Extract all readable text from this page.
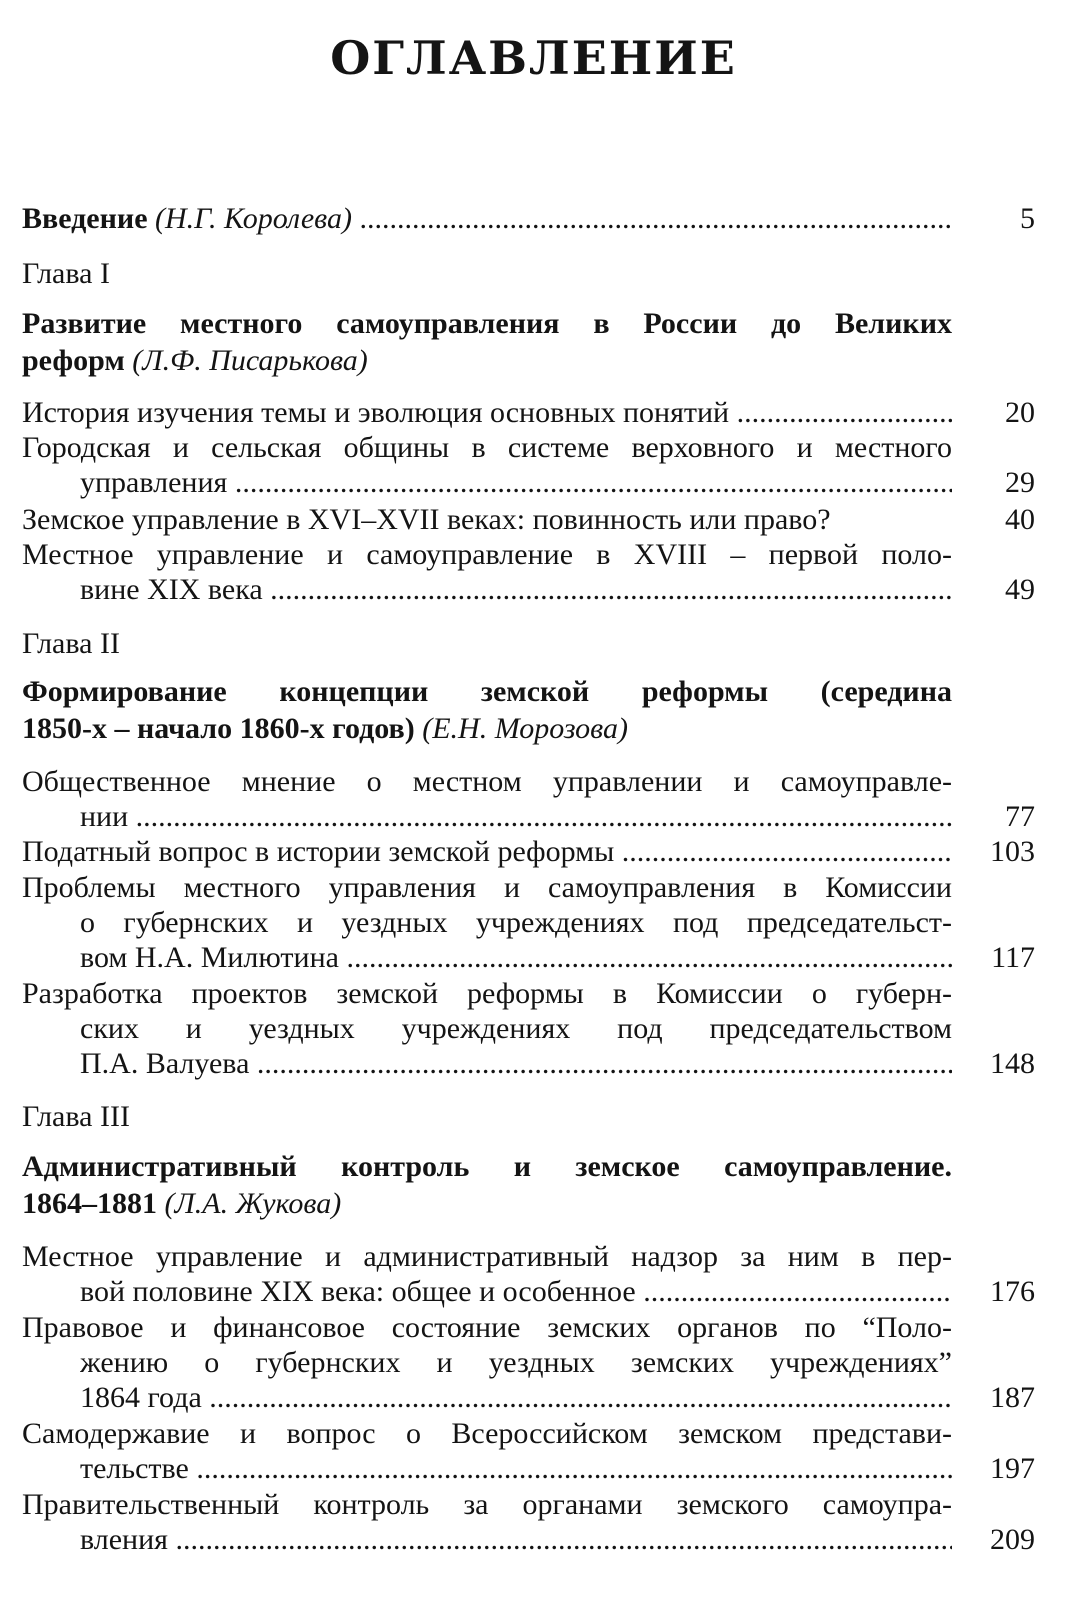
ОГЛАВЛЕНИЕ
Введение (Н.Г. Королева) .....	5
Глава I
Развитие местного самоуправления в России до Великих
реформ (Л.Ф. Писарькова)
История изучения темы и эволюция основных понятий .....	20
Городская и сельская общины в системе верховного и местного
управления .....	29
Земское управление в XVI–XVII веках: повинность или право?	40
Местное управление и самоуправление в XVIII – первой поло-
вине XIX века .....	49
Глава II
Формирование концепции земской реформы (середина
1850-х – начало 1860-х годов) (Е.Н. Морозова)
Общественное мнение о местном управлении и самоуправле-
нии .....	77
Податный вопрос в истории земской реформы .....	103
Проблемы местного управления и самоуправления в Комиссии
о губернских и уездных учреждениях под председательст-
вом Н.А. Милютина .....	117
Разработка проектов земской реформы в Комиссии о губерн-
ских и уездных учреждениях под председательством
П.А. Валуева .....	148
Глава III
Административный контроль и земское самоуправление.
1864–1881 (Л.А. Жукова)
Местное управление и административный надзор за ним в пер-
вой половине XIX века: общее и особенное .....	176
Правовое и финансовое состояние земских органов по “Поло-
жению о губернских и уездных земских учреждениях”
1864 года .....	187
Самодержавие и вопрос о Всероссийском земском представи-
тельстве .....	197
Правительственный контроль за органами земского самоупра-
вления .....	209
